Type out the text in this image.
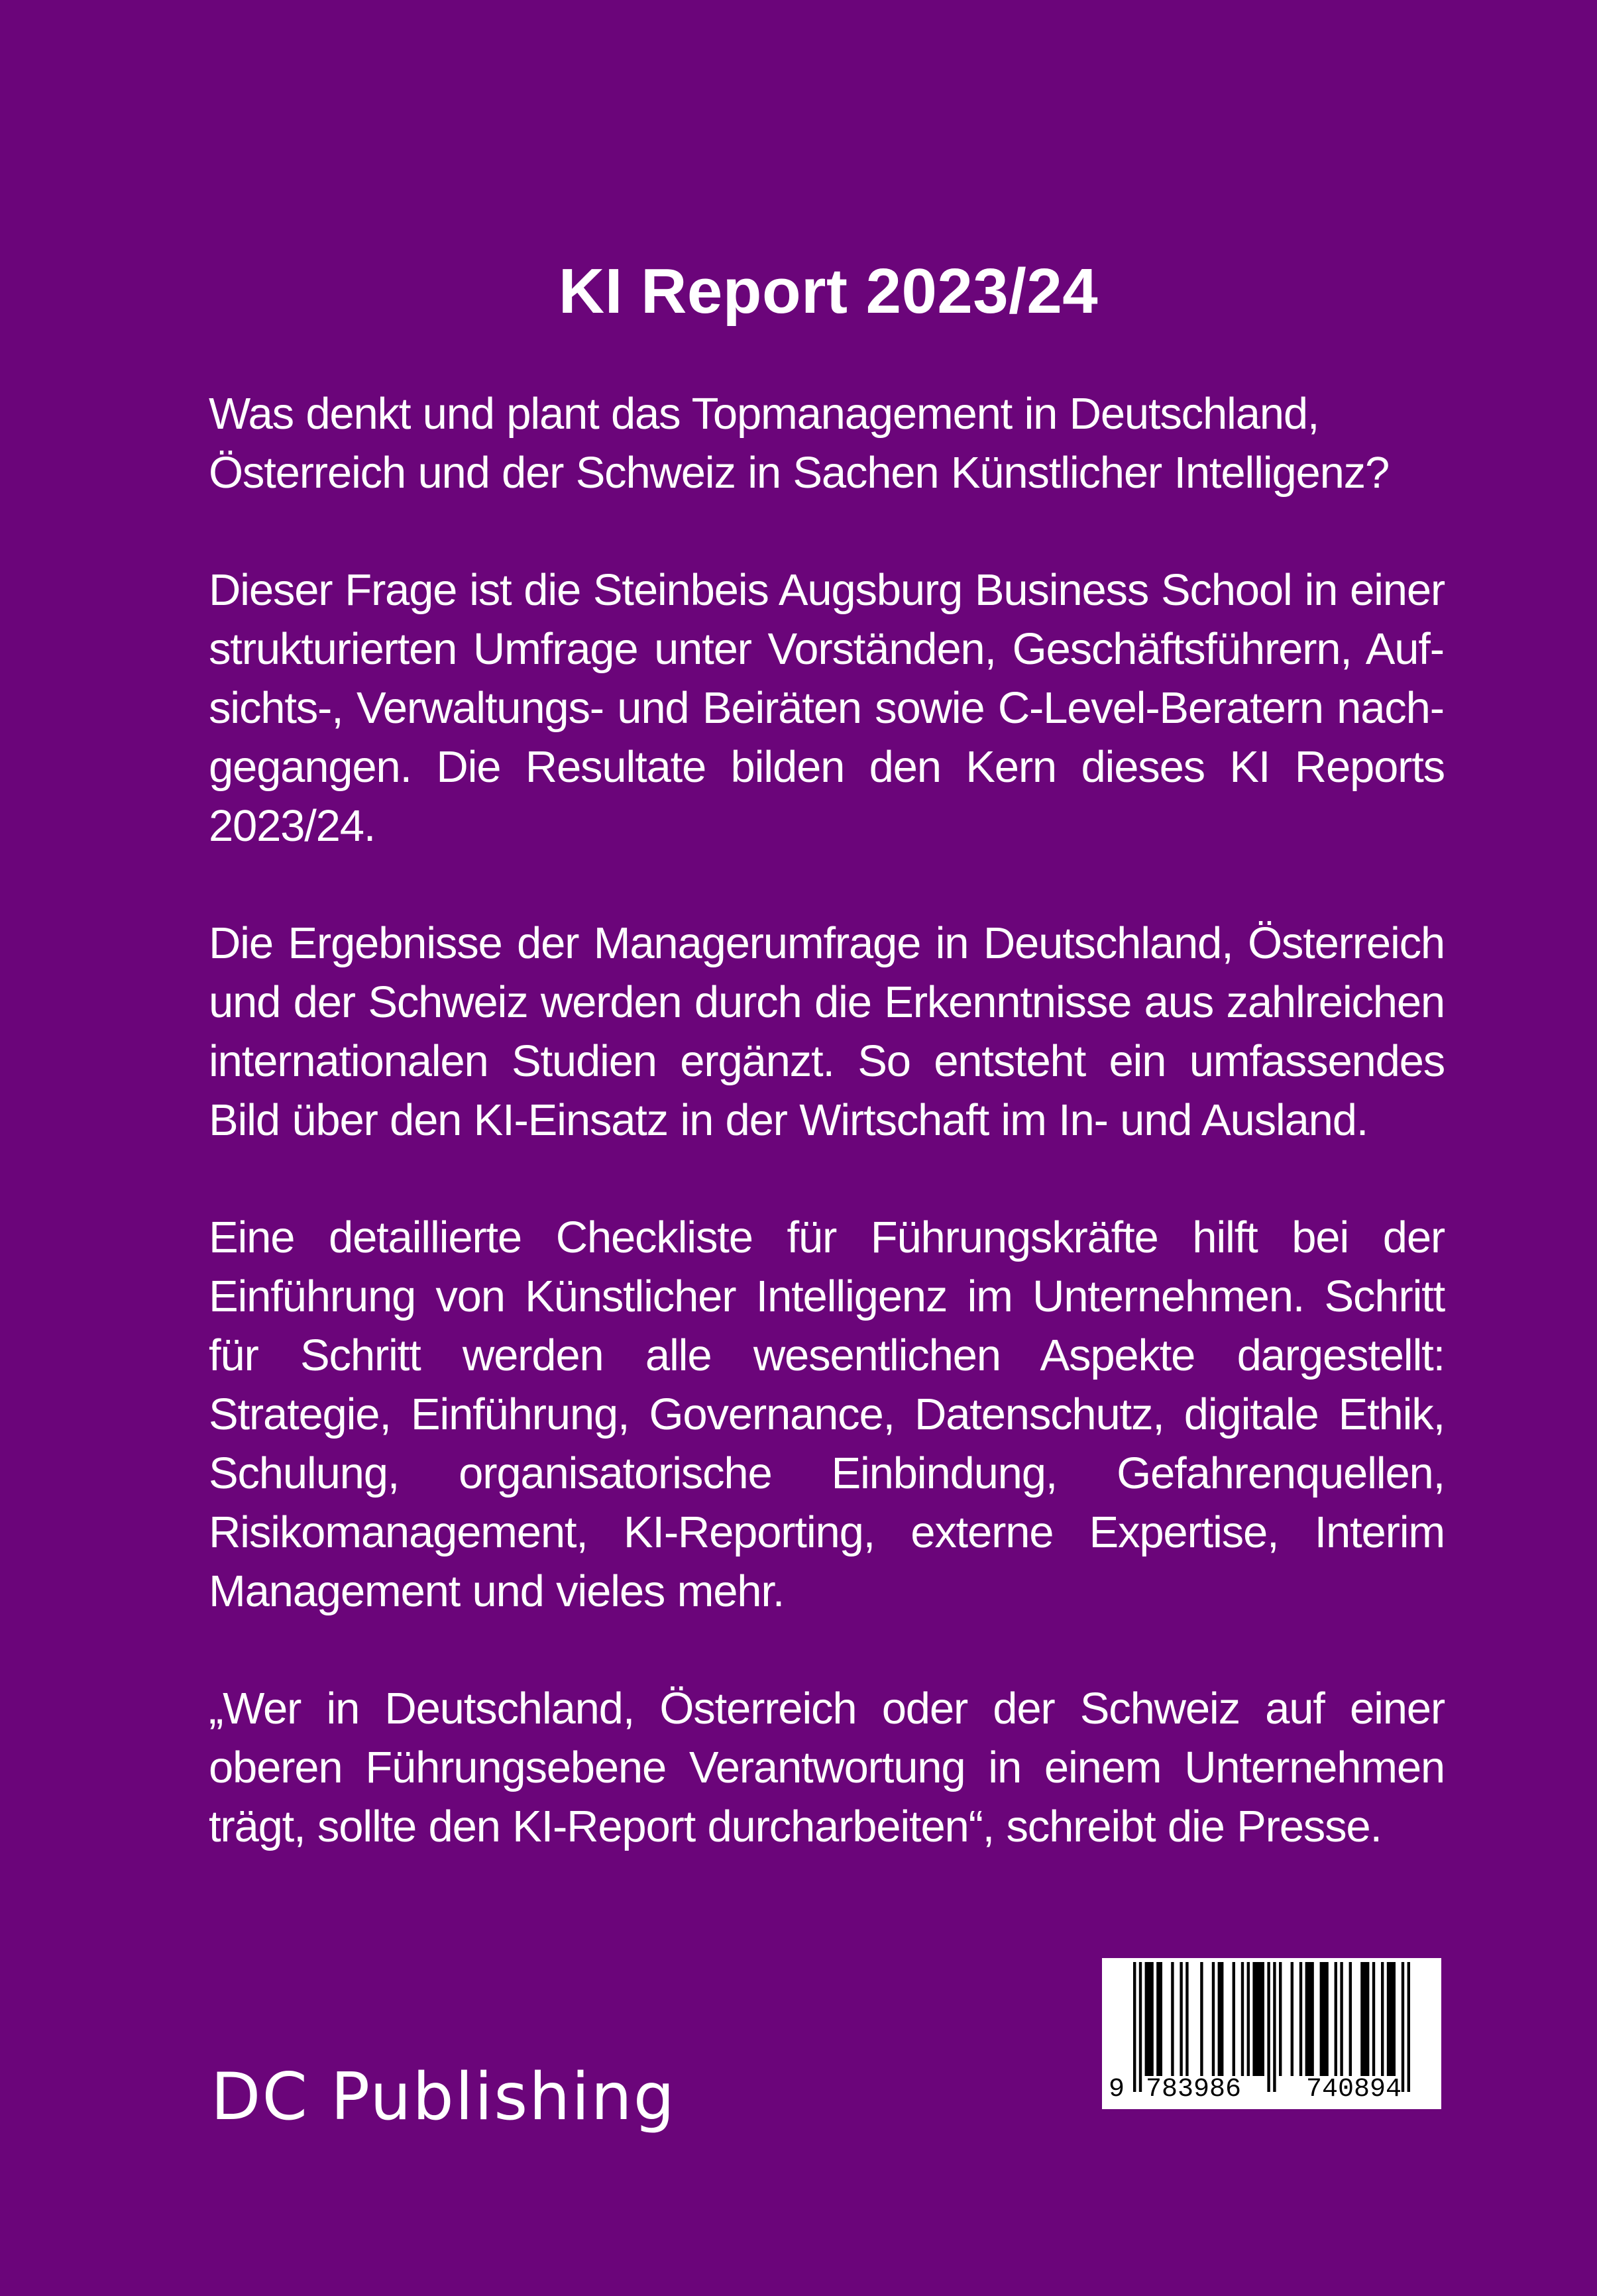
KI Report 2023/24

Was denkt und plant das Topmanagement in Deutschland, Österreich und der Schweiz in Sachen Künstlicher Intelligenz?

Dieser Frage ist die Steinbeis Augsburg Business School in einer strukturierten Umfrage unter Vorständen, Geschäftsführern, Aufsichts-, Verwaltungs- und Beiräten sowie C-Level-Beratern nachgegangen. Die Resultate bilden den Kern dieses KI Reports 2023/24.

Die Ergebnisse der Managerumfrage in Deutschland, Österreich und der Schweiz werden durch die Erkenntnisse aus zahlreichen internationalen Studien ergänzt. So entsteht ein umfassendes Bild über den KI-Einsatz in der Wirtschaft im In- und Ausland.

Eine detaillierte Checkliste für Führungskräfte hilft bei der Einführung von Künstlicher Intelligenz im Unternehmen. Schritt für Schritt werden alle wesentlichen Aspekte dargestellt: Strategie, Einführung, Governance, Datenschutz, digitale Ethik, Schulung, organisatorische Einbindung, Gefahrenquellen, Risikomanagement, KI-Reporting, externe Expertise, Interim Management und vieles mehr.

„Wer in Deutschland, Österreich oder der Schweiz auf einer oberen Führungsebene Verantwortung in einem Unternehmen trägt, sollte den KI-Report durcharbeiten“, schreibt die Presse.

DC Publishing	9 783986 740894
